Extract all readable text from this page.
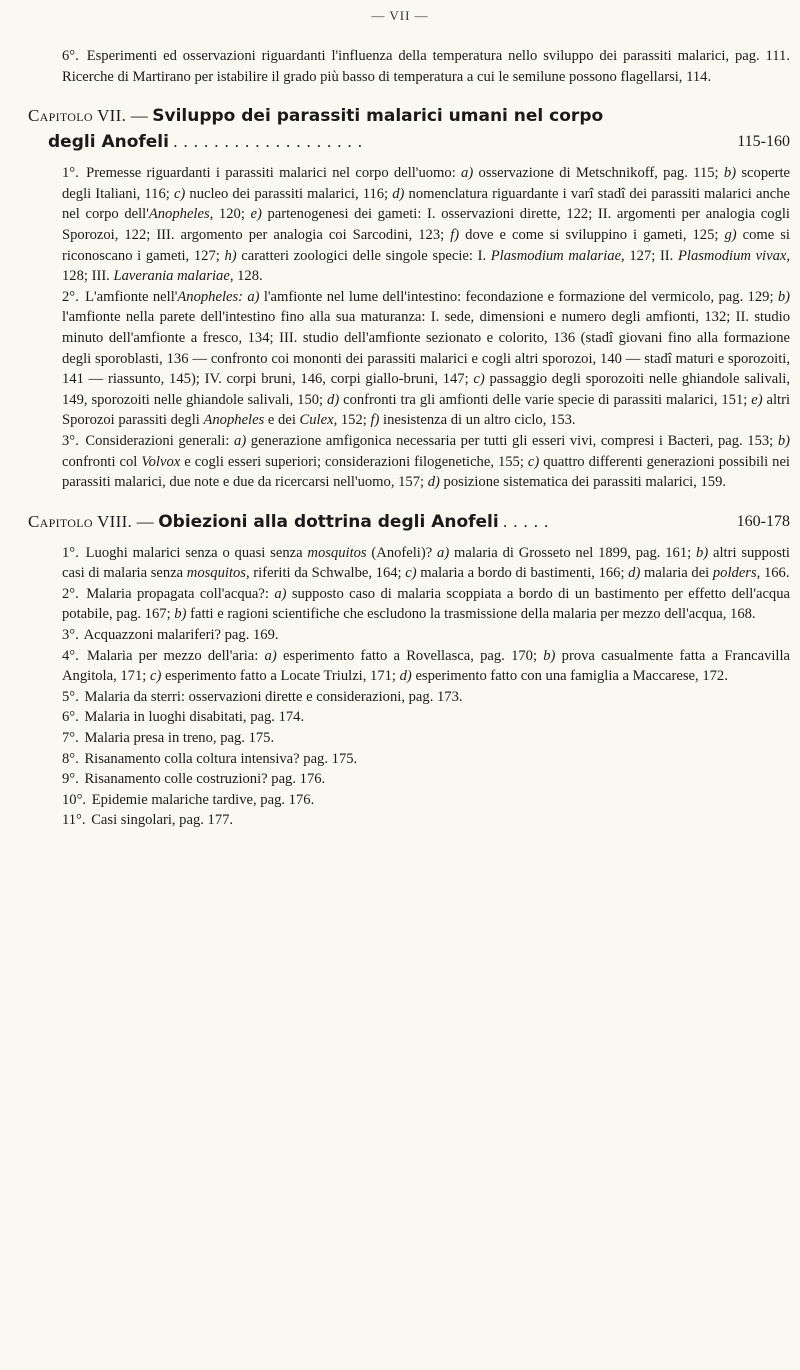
— VII —

6°. Esperimenti ed osservazioni riguardanti l'influenza della temperatura nello sviluppo dei parassiti malarici, pag. 111. Ricerche di Martirano per istabilire il grado più basso di temperatura a cui le semilune possono flagellarsi, 114.

Capitolo VII. —
Sviluppo dei parassiti malarici umani nel corpo
degli Anofeli ...................	115-160

1°. Premesse riguardanti i parassiti malarici nel corpo dell'uomo: a) osservazione di Metschnikoff, pag. 115; b) scoperte degli Italiani, 116; c) nucleo dei parassiti malarici, 116; d) nomenclatura riguardante i varî stadî dei parassiti malarici anche nel corpo dell'Anopheles, 120; e) partenogenesi dei gameti: I. osservazioni dirette, 122; II. argomenti per analogia cogli Sporozoi, 122; III. argomento per analogia coi Sarcodini, 123; f) dove e come si sviluppino i gameti, 125; g) come si riconoscano i gameti, 127; h) caratteri zoologici delle singole specie: I. Plasmodium malariae, 127; II. Plasmodium vivax, 128; III. Laverania malariae, 128.

2°. L'amfionte nell'Anopheles: a) l'amfionte nel lume dell'intestino: fecondazione e formazione del vermicolo, pag. 129; b) l'amfionte nella parete dell'intestino fino alla sua maturanza: I. sede, dimensioni e numero degli amfionti, 132; II. studio minuto dell'amfionte a fresco, 134; III. studio dell'amfionte sezionato e colorito, 136 (stadî giovani fino alla formazione degli sporoblasti, 136 — confronto coi mononti dei parassiti malarici e cogli altri sporozoi, 140 — stadî maturi e sporozoiti, 141 — riassunto, 145); IV. corpi bruni, 146, corpi giallo-bruni, 147; c) passaggio degli sporozoiti nelle ghiandole salivali, 149, sporozoiti nelle ghiandole salivali, 150; d) confronti tra gli amfionti delle varie specie di parassiti malarici, 151; e) altri Sporozoi parassiti degli Anopheles e dei Culex, 152; f) inesistenza di un altro ciclo, 153.

3°. Considerazioni generali: a) generazione amfigonica necessaria per tutti gli esseri vivi, compresi i Bacteri, pag. 153; b) confronti col Volvox e cogli esseri superiori; considerazioni filogenetiche, 155; c) quattro differenti generazioni possibili nei parassiti malarici, due note e due da ricercarsi nell'uomo, 157; d) posizione sistematica dei parassiti malarici, 159.

Capitolo VIII. — Obiezioni alla dottrina degli Anofeli .....	160-178

1°. Luoghi malarici senza o quasi senza mosquitos (Anofeli)? a) malaria di Grosseto nel 1899, pag. 161; b) altri supposti casi di malaria senza mosquitos, riferiti da Schwalbe, 164; c) malaria a bordo di bastimenti, 166; d) malaria dei polders, 166.

2°. Malaria propagata coll'acqua?: a) supposto caso di malaria scoppiata a bordo di un bastimento per effetto dell'acqua potabile, pag. 167; b) fatti e ragioni scientifiche che escludono la trasmissione della malaria per mezzo dell'acqua, 168.

3°. Acquazzoni malariferi? pag. 169.

4°. Malaria per mezzo dell'aria: a) esperimento fatto a Rovellasca, pag. 170; b) prova casualmente fatta a Francavilla Angitola, 171; c) esperimento fatto a Locate Triulzi, 171; d) esperimento fatto con una famiglia a Maccarese, 172.

5°. Malaria da sterri: osservazioni dirette e considerazioni, pag. 173.

6°. Malaria in luoghi disabitati, pag. 174.

7°. Malaria presa in treno, pag. 175.

8°. Risanamento colla coltura intensiva? pag. 175.

9°. Risanamento colle costruzioni? pag. 176.

10°. Epidemie malariche tardive, pag. 176.

11°. Casi singolari, pag. 177.
